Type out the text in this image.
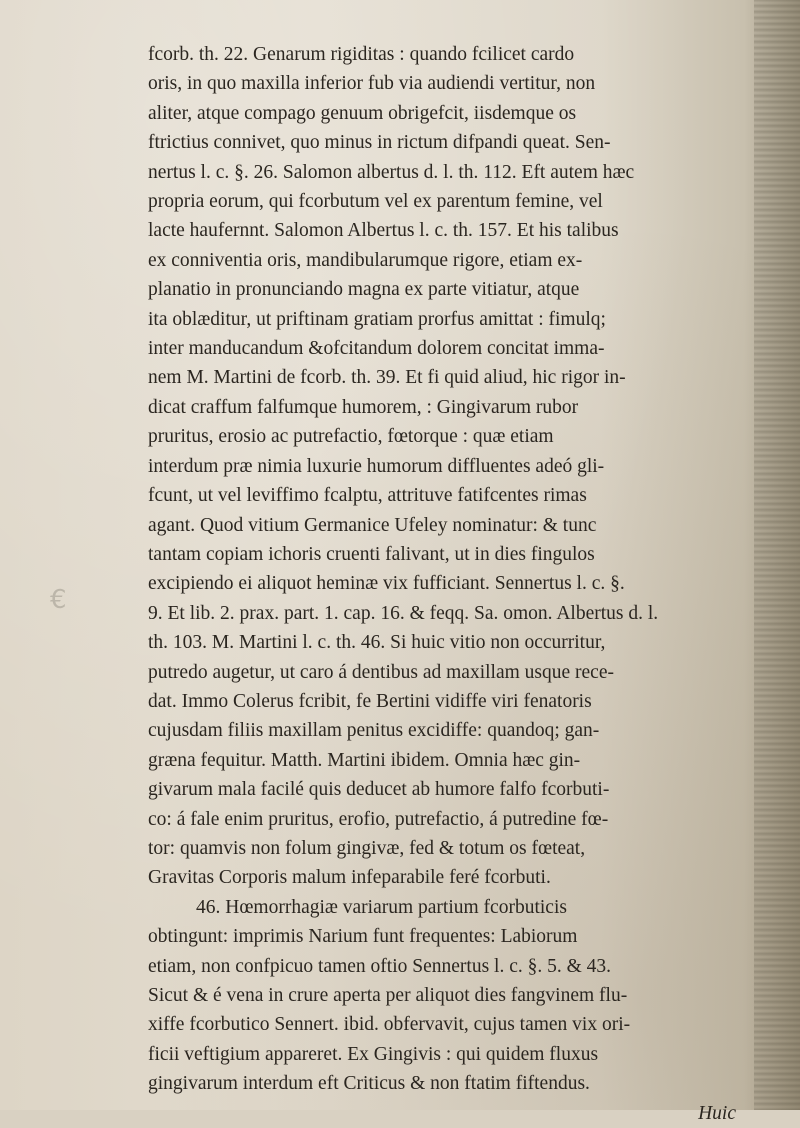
€
fcorb. th. 22. Genarum rigiditas : quando fcilicet cardo
oris, in quo maxilla inferior fub via audiendi vertitur, non
aliter, atque compago genuum obrigefcit, iisdemque os
ftrictius connivet, quo minus in rictum difpandi queat. Sen-
nertus l. c. §. 26. Salomon albertus d. l. th. 112. Eft autem hæc
propria eorum, qui fcorbutum vel ex parentum femine, vel
lacte haufernnt. Salomon Albertus l. c. th. 157. Et his talibus
ex conniventia oris, mandibularumque rigore, etiam ex-
planatio in pronunciando magna ex parte vitiatur, atque
ita oblæditur, ut priftinam gratiam prorfus amittat : fimulq;
inter manducandum &ofcitandum dolorem concitat imma-
nem M. Martini de fcorb. th. 39. Et fi quid aliud, hic rigor in-
dicat craffum falfumque humorem, : Gingivarum rubor
pruritus, erosio ac putrefactio, fœtorque : quæ etiam
interdum præ nimia luxurie humorum diffluentes adeó gli-
fcunt, ut vel leviffimo fcalptu, attrituve fatifcentes rimas
agant. Quod vitium Germanice Ufeley nominatur: & tunc
tantam copiam ichoris cruenti falivant, ut in dies fingulos
excipiendo ei aliquot heminæ vix fufficiant. Sennertus l. c. §.
9. Et lib. 2. prax. part. 1. cap. 16. & feqq. Sa. omon. Albertus d. l.
th. 103. M. Martini l. c. th. 46. Si huic vitio non occurritur,
putredo augetur, ut caro á dentibus ad maxillam usque rece-
dat. Immo Colerus fcribit, fe Bertini vidiffe viri fenatoris
cujusdam filiis maxillam penitus excidiffe: quandoq; gan-
græna fequitur. Matth. Martini ibidem. Omnia hæc gin-
givarum mala facilé quis deducet ab humore falfo fcorbuti-
co: á fale enim pruritus, erofio, putrefactio, á putredine fœ-
tor: quamvis non folum gingivæ, fed & totum os fœteat,
Gravitas Corporis malum infeparabile feré fcorbuti.
46. Hœmorrhagiæ variarum partium fcorbuticis
obtingunt: imprimis Narium funt frequentes: Labiorum
etiam, non confpicuo tamen oftio Sennertus l. c. §. 5. & 43.
Sicut & é vena in crure aperta per aliquot dies fangvinem flu-
xiffe fcorbutico Sennert. ibid. obfervavit, cujus tamen vix ori-
ficii veftigium appareret. Ex Gingivis : qui quidem fluxus
gingivarum interdum eft Criticus & non ftatim fiftendus.
Huic
